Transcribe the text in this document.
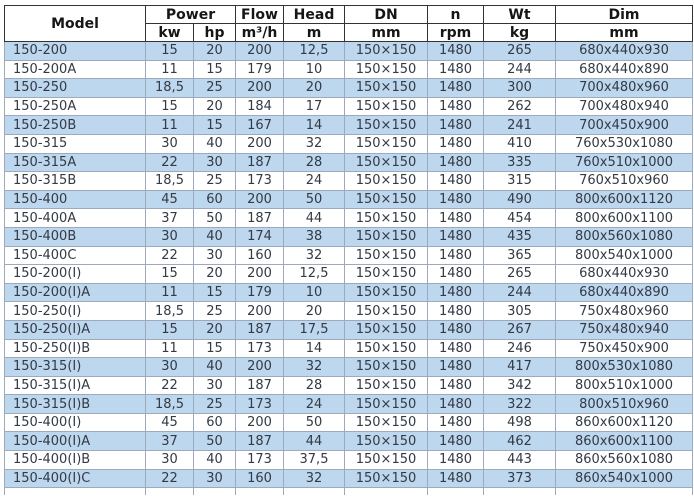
Model	Power		Flow	Head	DN	n	Wt	Dim
	kw	hp	m³/h	m	mm	rpm	kg	mm
150-200	15	20	200	12,5	150×150	1480	265	680x440x930
150-200A	11	15	179	10	150×150	1480	244	680x440x890
150-250	18,5	25	200	20	150×150	1480	300	700x480x960
150-250A	15	20	184	17	150×150	1480	262	700x480x940
150-250B	11	15	167	14	150×150	1480	241	700x450x900
150-315	30	40	200	32	150×150	1480	410	760x530x1080
150-315A	22	30	187	28	150×150	1480	335	760x510x1000
150-315B	18,5	25	173	24	150×150	1480	315	760x510x960
150-400	45	60	200	50	150×150	1480	490	800x600x1120
150-400A	37	50	187	44	150×150	1480	454	800x600x1100
150-400B	30	40	174	38	150×150	1480	435	800x560x1080
150-400C	22	30	160	32	150×150	1480	365	800x540x1000
150-200(I)	15	20	200	12,5	150×150	1480	265	680x440x930
150-200(I)A	11	15	179	10	150×150	1480	244	680x440x890
150-250(I)	18,5	25	200	20	150×150	1480	305	750x480x960
150-250(I)A	15	20	187	17,5	150×150	1480	267	750x480x940
150-250(I)B	11	15	173	14	150×150	1480	246	750x450x900
150-315(I)	30	40	200	32	150×150	1480	417	800x530x1080
150-315(I)A	22	30	187	28	150×150	1480	342	800x510x1000
150-315(I)B	18,5	25	173	24	150×150	1480	322	800x510x960
150-400(I)	45	60	200	50	150×150	1480	498	860x600x1120
150-400(I)A	37	50	187	44	150×150	1480	462	860x600x1100
150-400(I)B	30	40	173	37,5	150×150	1480	443	860x560x1080
150-400(I)C	22	30	160	32	150×150	1480	373	860x540x1000
